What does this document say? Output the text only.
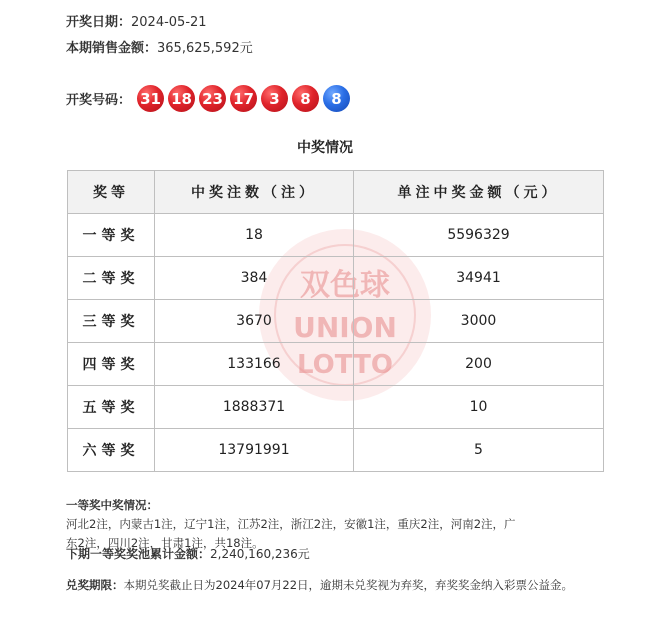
开奖日期：2024-05-21
本期销售金额：365,625,592元
开奖号码： 31 18 23 17	3	8	8
中奖情况
双色球
UNION
LOTTO
奖等	中奖注数（注）	单注中奖金额（元）
一等奖	18	5596329
二等奖	384	34941
三等奖	3670	3000
四等奖	133166	200
五等奖	1888371	10
六等奖	13791991	5
一等奖中奖情况：河北2注，内蒙古1注，辽宁1注，江苏2注，浙江2注，安徽1注，重庆2注，河南2注，广东2注，四川2注，甘肃1注，共18注。
下期一等奖奖池累计金额：2,240,160,236元
兑奖期限：本期兑奖截止日为2024年07月22日，逾期未兑奖视为弃奖，弃奖奖金纳入彩票公益金。
